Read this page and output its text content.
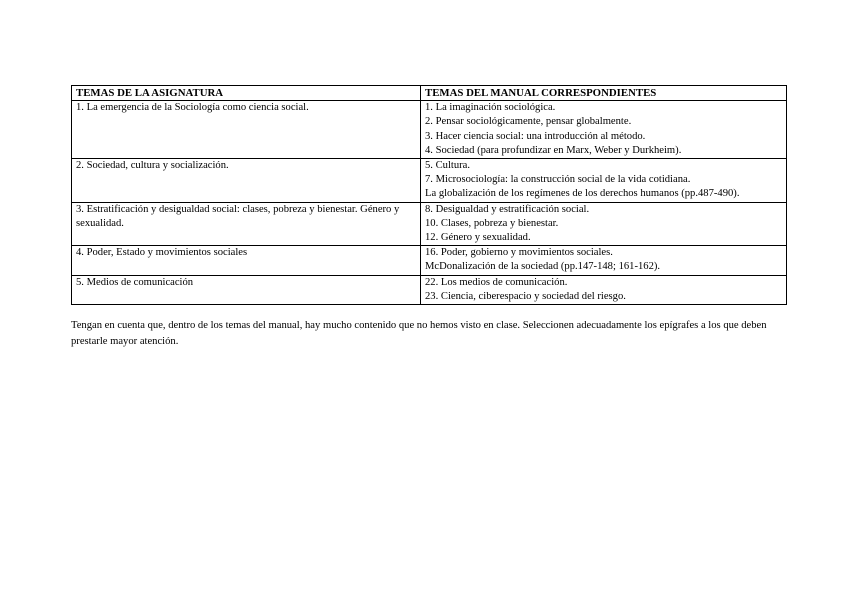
TEMAS DE LA ASIGNATURA	TEMAS DEL MANUAL CORRESPONDIENTES
1. La emergencia de la Sociología como ciencia social.	1. La imaginación sociológica.
2. Pensar sociológicamente, pensar globalmente.
3. Hacer ciencia social: una introducción al método.
4. Sociedad (para profundizar en Marx, Weber y Durkheim).

2. Sociedad, cultura y socialización.	5. Cultura.
7. Microsociología: la construcción social de la vida cotidiana.
La globalización de los regímenes de los derechos humanos (pp.487-490).

3. Estratificación y desigualdad social: clases, pobreza y bienestar. Género y sexualidad.	8. Desigualdad y estratificación social.
10. Clases, pobreza y bienestar.
12. Género y sexualidad.

4. Poder, Estado y movimientos sociales	16. Poder, gobierno y movimientos sociales.
McDonalización de la sociedad (pp.147-148; 161-162).

5. Medios de comunicación	22. Los medios de comunicación.
23. Ciencia, ciberespacio y sociedad del riesgo.

Tengan en cuenta que, dentro de los temas del manual, hay mucho contenido que no hemos visto en clase. Seleccionen adecuadamente los epígrafes a los que deben prestarle mayor atención.
